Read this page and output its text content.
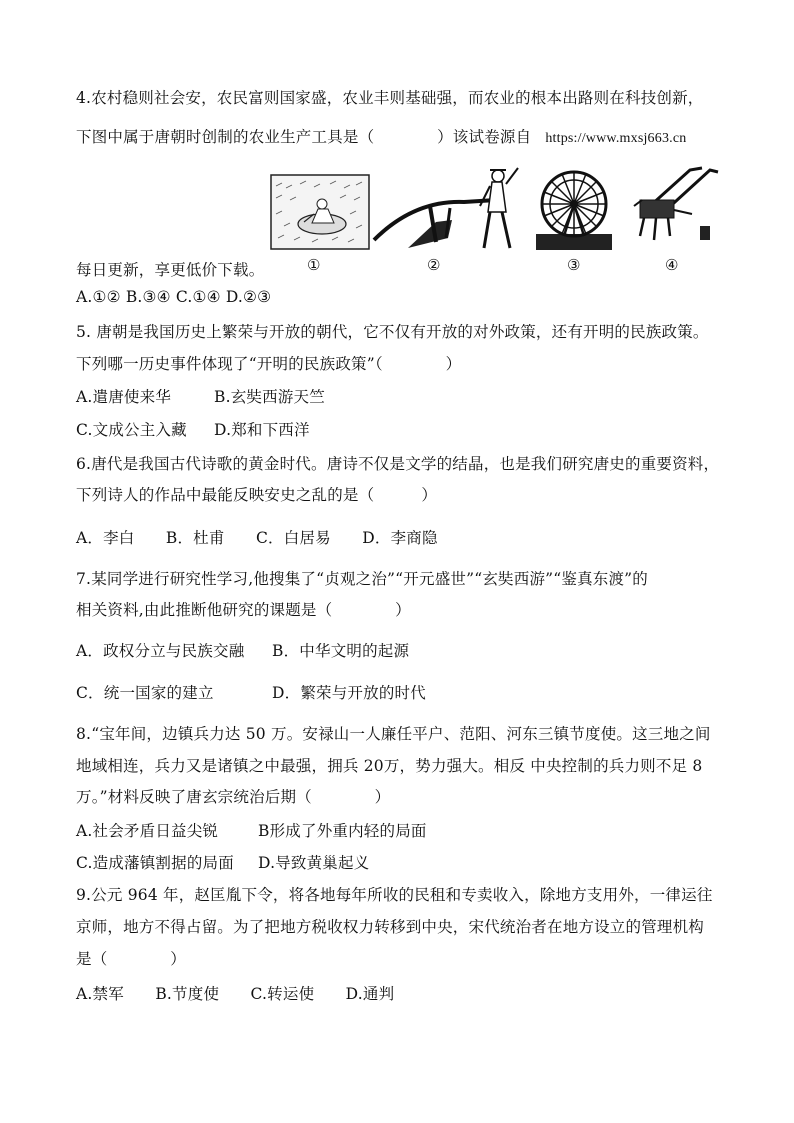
4.农村稳则社会安，农民富则国家盛，农业丰则基础强，而农业的根本出路则在科技创新，
下图中属于唐朝时创制的农业生产工具是（　　　　）该试卷源自 https://www.mxsj663.cn
每日更新，享更低价下载。	①	②	③	④
A.①② B.③④ C.①④ D.②③
5. 唐朝是我国历史上繁荣与开放的朝代，它不仅有开放的对外政策，还有开明的民族政策。
下列哪一历史事件体现了“开明的民族政策”（　　　　）
A.遣唐使来华	B.玄奘西游天竺
C.文成公主入藏 D.郑和下西洋
6.唐代是我国古代诗歌的黄金时代。唐诗不仅是文学的结晶，也是我们研究唐史的重要资料，
下列诗人的作品中最能反映安史之乱的是（　　　）
A．李白　　B．杜甫　　C．白居易　　D．李商隐
7.某同学进行研究性学习,他搜集了“贞观之治”“开元盛世”“玄奘西游”“鉴真东渡”的
相关资料,由此推断他研究的课题是（　　　　）
A．政权分立与民族交融 B．中华文明的起源
C．统一国家的建立	D．繁荣与开放的时代
8.“宝年间，边镇兵力达 50 万。安禄山一人廉任平户、范阳、河东三镇节度使。这三地之间
地域相连，兵力又是诸镇之中最强，拥兵 20万，势力强大。相反 中央控制的兵力则不足 8
万。”材料反映了唐玄宗统治后期（　　　　）
A.社会矛盾日益尖锐	B形成了外重内轻的局面
C.造成藩镇割据的局面 D.导致黄巢起义
9.公元 964 年，赵匡胤下令，将各地每年所收的民租和专卖收入，除地方支用外，一律运往
京师，地方不得占留。为了把地方税收权力转移到中央，宋代统治者在地方设立的管理机构
是（　　　　）
A.禁军　　B.节度使　　C.转运使　　D.通判
